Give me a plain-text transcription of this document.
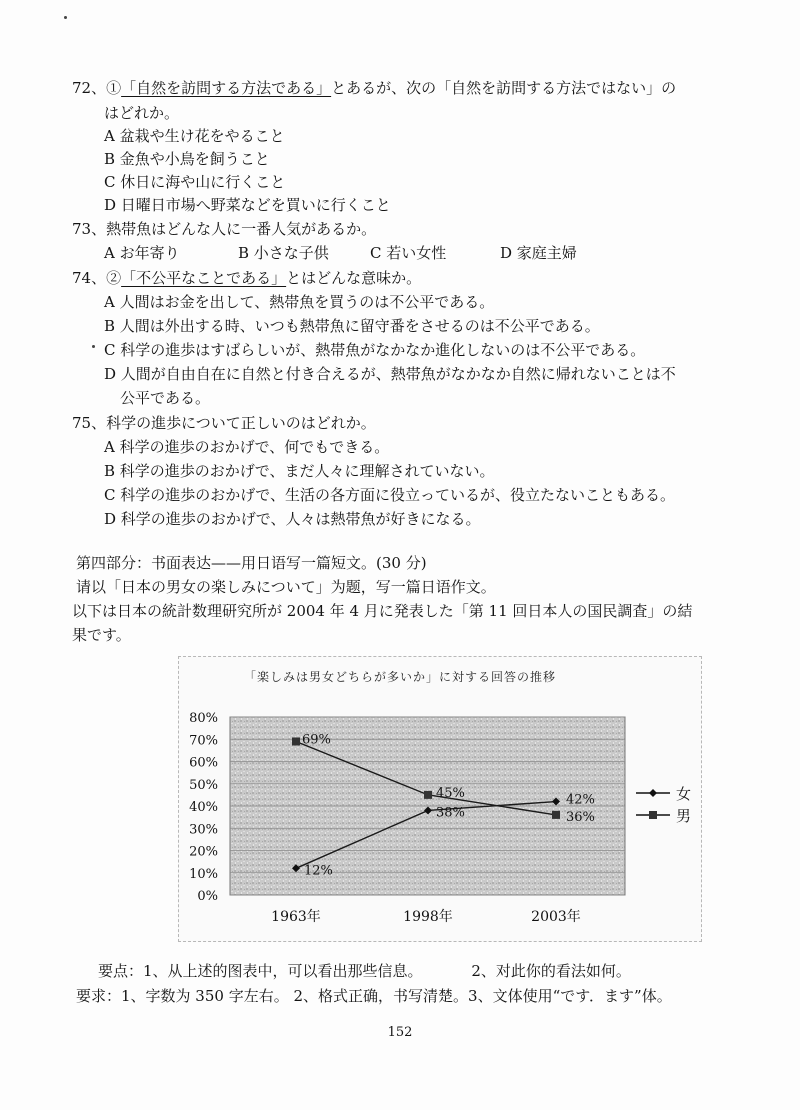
72、①「自然を訪問する方法である」とあるが、次の「自然を訪問する方法ではない」の
はどれか。
A 盆栽や生け花をやること
B 金魚や小鳥を飼うこと
C 休日に海や山に行くこと
D 日曜日市場へ野菜などを買いに行くこと
73、熱帯魚はどんな人に一番人気があるか。
A お年寄り	B 小さな子供	C 若い女性	D 家庭主婦
74、②「不公平なことである」とはどんな意味か。
A 人間はお金を出して、熱帯魚を買うのは不公平である。
B 人間は外出する時、いつも熱帯魚に留守番をさせるのは不公平である。
C 科学の進歩はすばらしいが、熱帯魚がなかなか進化しないのは不公平である。
D 人間が自由自在に自然と付き合えるが、熱帯魚がなかなか自然に帰れないことは不
公平である。
75、科学の進歩について正しいのはどれか。
A 科学の進歩のおかげで、何でもできる。
B 科学の進歩のおかげで、まだ人々に理解されていない。
C 科学の進歩のおかげで、生活の各方面に役立っているが、役立たないこともある。
D 科学の進歩のおかげで、人々は熱帯魚が好きになる。
第四部分：书面表达——用日语写一篇短文。(30 分)
请以「日本の男女の楽しみについて」为题，写一篇日语作文。
以下は日本の統計数理研究所が 2004 年 4 月に発表した「第 11 回日本人の国民調査」の結
果です。
「楽しみは男女どちらが多いか」に対する回答の推移
80%
70%
60%
50%
40%
30%
20%
10%
0%
1963年	1998年	2003年
12%
38%
42%
69%
45%
36%
女
男
要点：1、从上述的图表中，可以看出那些信息。	2、对此你的看法如何。
要求：1、字数为 350 字左右。 2、格式正确，书写清楚。3、文体使用“です．ます”体。
152
